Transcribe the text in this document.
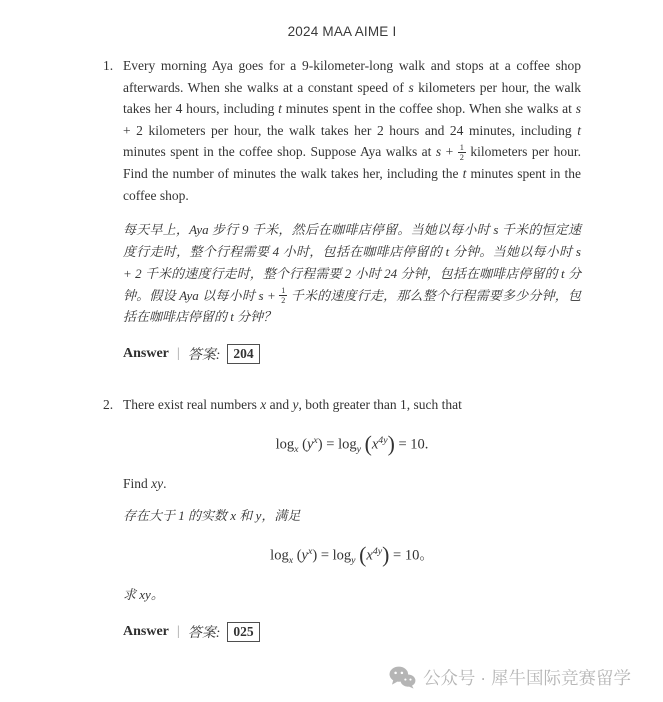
2024 MAA AIME I
1. Every morning Aya goes for a 9-kilometer-long walk and stops at a coffee shop afterwards. When she walks at a constant speed of s kilometers per hour, the walk takes her 4 hours, including t minutes spent in the coffee shop. When she walks at s + 2 kilometers per hour, the walk takes her 2 hours and 24 minutes, including t minutes spent in the coffee shop. Suppose Aya walks at $s + \frac{1}{2}$ kilometers per hour. Find the number of minutes the walk takes her, including the t minutes spent in the coffee shop.
每天早上，Aya 步行 9 千米，然后在咖啡店停留。当她以每小时 s 千米的恒定速度行走时，整个行程需要 4 小时，包括在咖啡店停留的 t 分钟。当她以每小时 s + 2 千米的速度行走时，整个行程需要 2 小时 24 分钟，包括在咖啡店停留的 t 分钟。假设 Aya 以每小时 $s + \frac{1}{2}$ 千米的速度行走，那么整个行程需要多少分钟，包括在咖啡店停留的 t 分钟？
Answer | 答案: 204
2. There exist real numbers x and y, both greater than 1, such that
$\log_x (y^x) = \log_y (x^{4y}) = 10$.
Find xy.
存在大于 1 的实数 x 和 y，满足
$\log_x (y^x) = \log_y (x^{4y}) = 10$。
求 xy。
Answer | 答案: 025
公众号 · 犀牛国际竞赛留学
